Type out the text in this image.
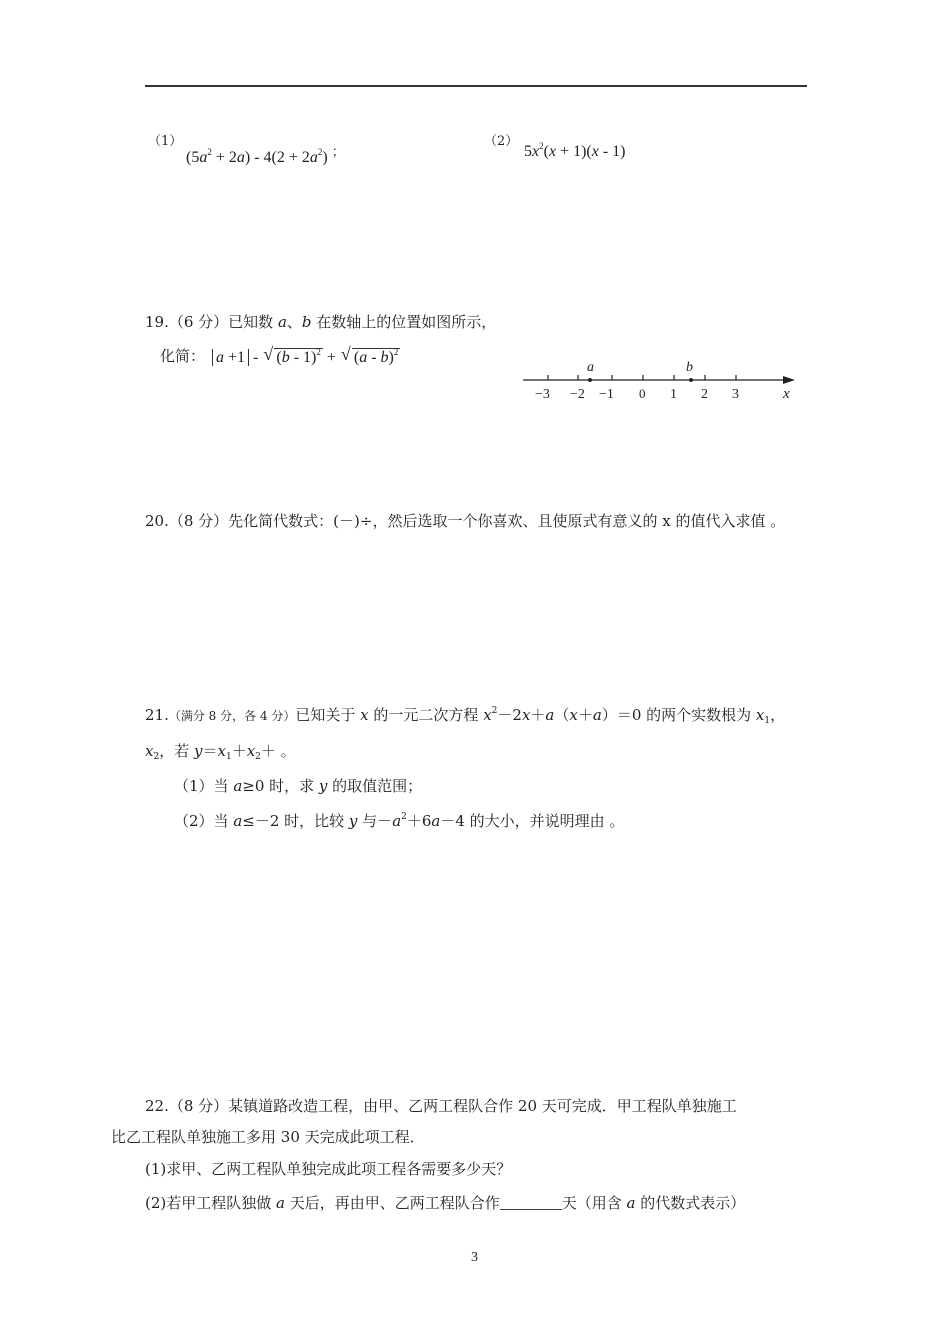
（1）
$(5a^2 + 2a) - 4(2 + 2a^2)$ ；
（2）
$5x^2(x + 1)(x - 1)$
19.（6 分）已知数 a、b 在数轴上的位置如图所示，
化简： a +1 - √ (b - 1)$^2$ + √ (a - b)$^2$
a	b
−3 −2 −1 0 1 2 3	x
20.（8 分）先化简代数式：(－)÷，然后选取一个你喜欢、且使原式有意义的 x 的值代入求值 。
21.（满分 8 分，各 4 分）已知关于 x 的一元二次方程 $x^2-2x+a(x+a)=0$ 的两个实数根为 $x_1$，
$x_2$，若 $y=x_1+x_2+$ 。
（1）当 a≥0 时，求 y 的取值范围；
（2）当 a≤－2 时，比较 y 与$-a^2+6a-4$ 的大小，并说明理由 。
22.（8 分）某镇道路改造工程，由甲、乙两工程队合作 20 天可完成．甲工程队单独施工
比乙工程队单独施工多用 30 天完成此项工程．
(1)求甲、乙两工程队单独完成此项工程各需要多少天？
(2)若甲工程队独做 a 天后，再由甲、乙两工程队合作	天（用含 a 的代数式表示）
3
